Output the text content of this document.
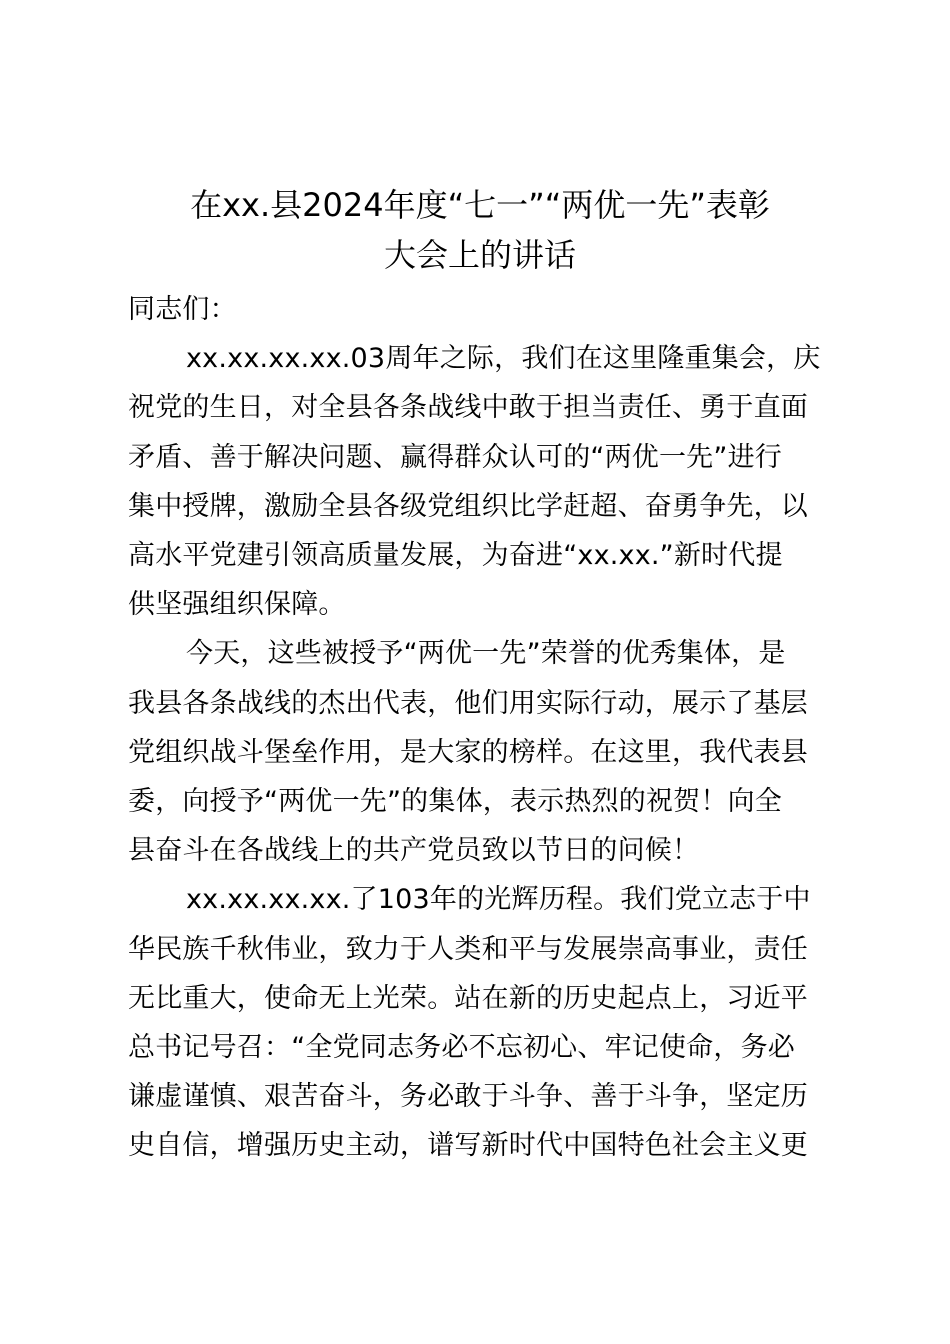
在xx.县2024年度“七一”“两优一先”表彰
大会上的讲话

同志们：

xx.xx.xx.xx.03周年之际，我们在这里隆重集会，庆
祝党的生日，对全县各条战线中敢于担当责任、勇于直面
矛盾、善于解决问题、赢得群众认可的“两优一先”进行
集中授牌，激励全县各级党组织比学赶超、奋勇争先，以
高水平党建引领高质量发展，为奋进“xx.xx.”新时代提
供坚强组织保障。

今天，这些被授予“两优一先”荣誉的优秀集体，是
我县各条战线的杰出代表，他们用实际行动，展示了基层
党组织战斗堡垒作用，是大家的榜样。在这里，我代表县
委，向授予“两优一先”的集体，表示热烈的祝贺！向全
县奋斗在各战线上的共产党员致以节日的问候！

xx.xx.xx.xx.了103年的光辉历程。我们党立志于中
华民族千秋伟业，致力于人类和平与发展崇高事业，责任
无比重大，使命无上光荣。站在新的历史起点上，习近平
总书记号召：“全党同志务必不忘初心、牢记使命，务必
谦虚谨慎、艰苦奋斗，务必敢于斗争、善于斗争，坚定历
史自信，增强历史主动，谱写新时代中国特色社会主义更
